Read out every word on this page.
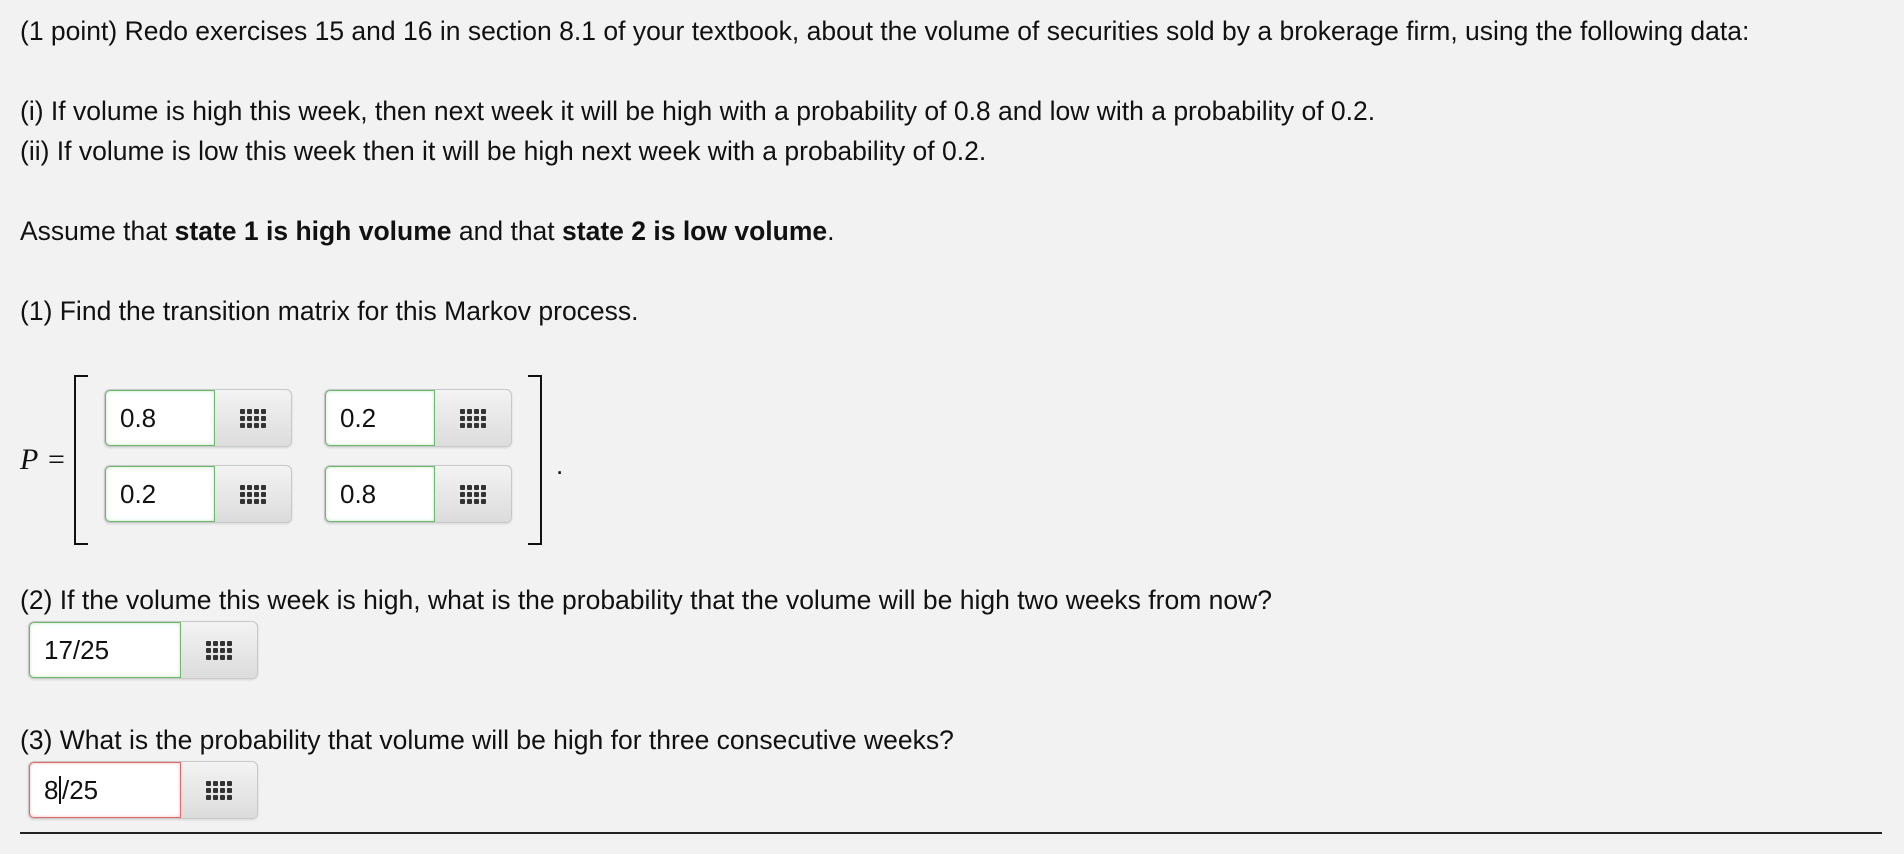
(1 point) Redo exercises 15 and 16 in section 8.1 of your textbook, about the volume of securities sold by a brokerage firm, using the following data:
(i) If volume is high this week, then next week it will be high with a probability of 0.8 and low with a probability of 0.2.
(ii) If volume is low this week then it will be high next week with a probability of 0.2.
Assume that state 1 is high volume and that state 2 is low volume.
(1) Find the transition matrix for this Markov process.
P =	.
0.8	0.2
0.2	0.8
(2) If the volume this week is high, what is the probability that the volume will be high two weeks from now?
17/25
(3) What is the probability that volume will be high for three consecutive weeks?
8 /25
